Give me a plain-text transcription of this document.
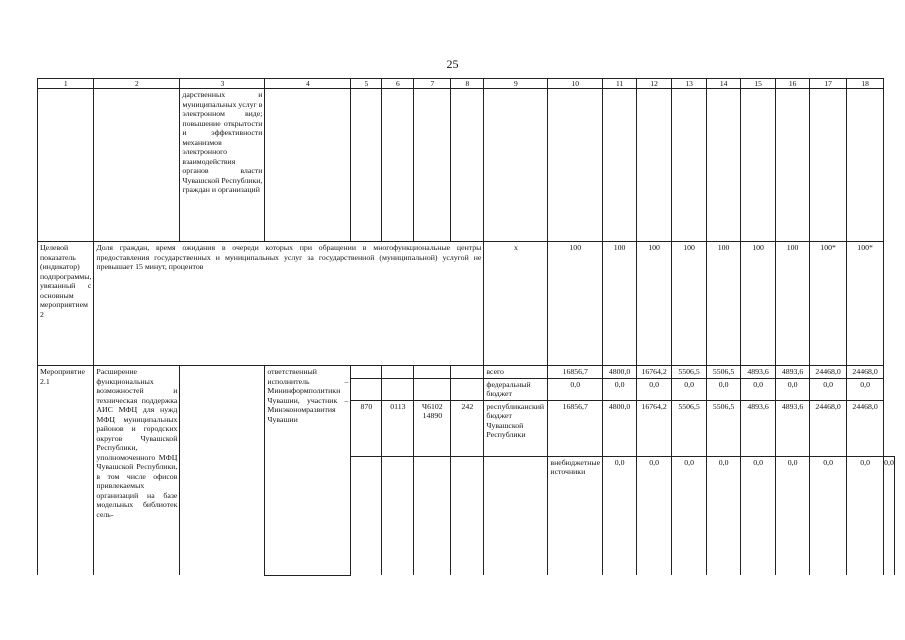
25
1	2	3	4	5	6	7	8	9	10	11	12	13	14	15	16	17	18	
		дарственных и муниципальных услуг в электронном виде; повышение открытости и эффективности механизмов электронного взаимодействия органов власти Чувашской Республики, граждан и организаций																
Целевой показатель (индикатор) подпрограммы, увязанный с основным мероприятием 2	Доля граждан, время ожидания в очереди которых при обращении в многофункциональные центры предоставления государственных и муниципальных услуг за государственной (муниципальной) услугой не превышает 15 минут, процентов							х	100	100	100	100	100	100	100	100*	100*	
Мероприятие 2.1	Расширение функциональных возможностей и техническая поддержка АИС МФЦ для нужд МФЦ муниципальных районов и городских округов Чувашской Республики, уполномоченного МФЦ Чувашской Республики, в том числе офисов привлекаемых организаций на базе модельных библиотек сель-		ответственный исполнитель – Мининформполитики Чувашии, участник – Минэкономразвития Чувашии					всего	16856,7	4800,0	16764,2	5506,5	5506,5	4893,6	4893,6	24468,0	24468,0	
								федеральный бюджет	0,0	0,0	0,0	0,0	0,0	0,0	0,0	0,0	0,0	
				870	0113	Ч6102 14890	242	республиканский бюджет Чувашской Республики	16856,7	4800,0	16764,2	5506,5	5506,5	4893,6	4893,6	24468,0	24468,0	
									внебюджетные источники	0,0	0,0	0,0	0,0	0,0	0,0	0,0	0,0	0,0
